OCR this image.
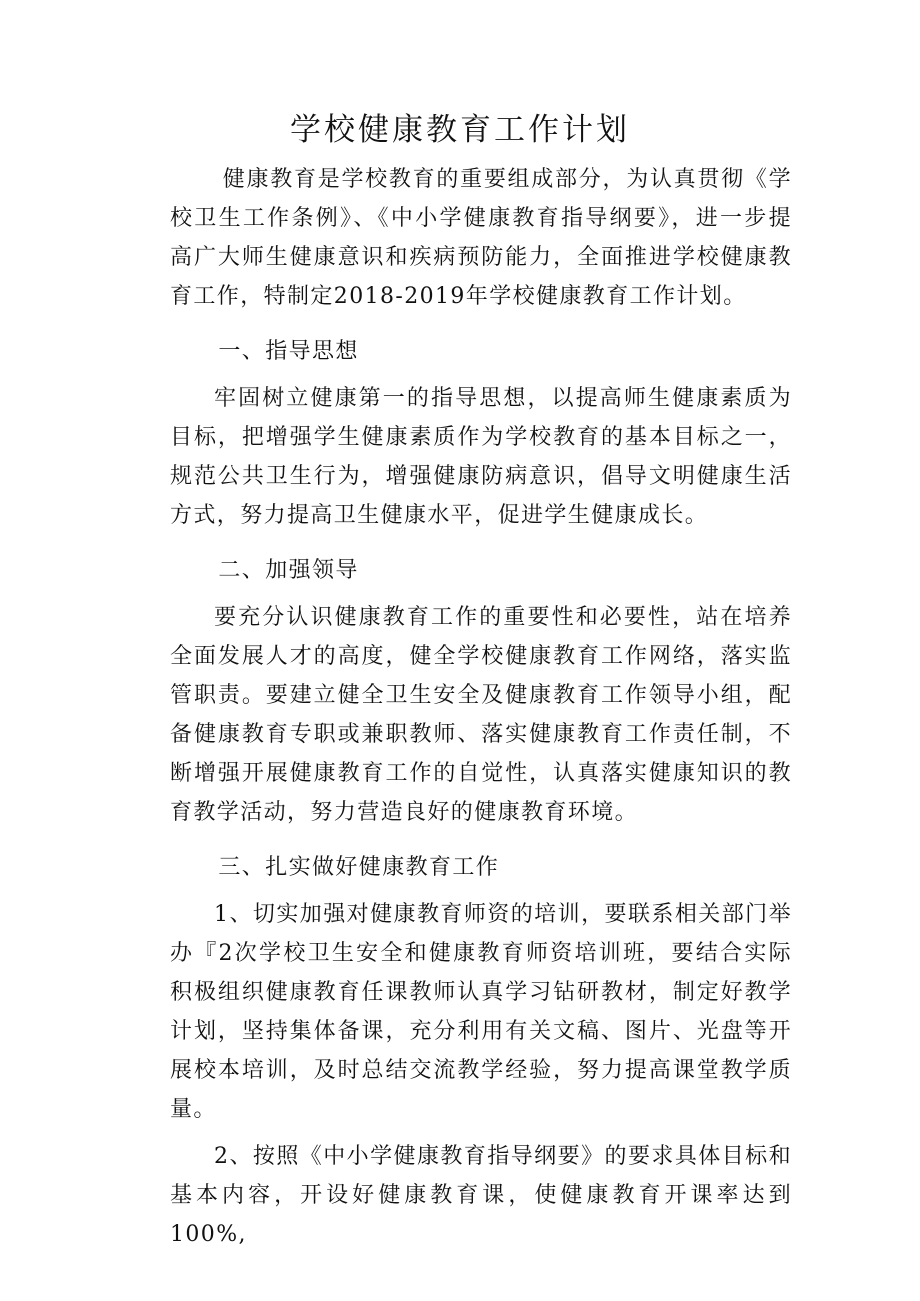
学校健康教育工作计划

健康教育是学校教育的重要组成部分，为认真贯彻《学校卫生工作条例》、《中小学健康教育指导纲要》，进一步提高广大师生健康意识和疾病预防能力，全面推进学校健康教育工作，特制定2018-2019年学校健康教育工作计划。

一、指导思想

牢固树立健康第一的指导思想，以提高师生健康素质为目标，把增强学生健康素质作为学校教育的基本目标之一，规范公共卫生行为，增强健康防病意识，倡导文明健康生活方式，努力提高卫生健康水平，促进学生健康成长。

二、加强领导

要充分认识健康教育工作的重要性和必要性，站在培养全面发展人才的高度，健全学校健康教育工作网络，落实监管职责。要建立健全卫生安全及健康教育工作领导小组，配备健康教育专职或兼职教师、落实健康教育工作责任制，不断增强开展健康教育工作的自觉性，认真落实健康知识的教育教学活动，努力营造良好的健康教育环境。

三、扎实做好健康教育工作

1、切实加强对健康教育师资的培训，要联系相关部门举办『2次学校卫生安全和健康教育师资培训班，要结合实际积极组织健康教育任课教师认真学习钻研教材，制定好教学计划，坚持集体备课，充分利用有关文稿、图片、光盘等开展校本培训，及时总结交流教学经验，努力提高课堂教学质量。

2、按照《中小学健康教育指导纲要》的要求具体目标和基本内容，开设好健康教育课，使健康教育开课率达到100%,
